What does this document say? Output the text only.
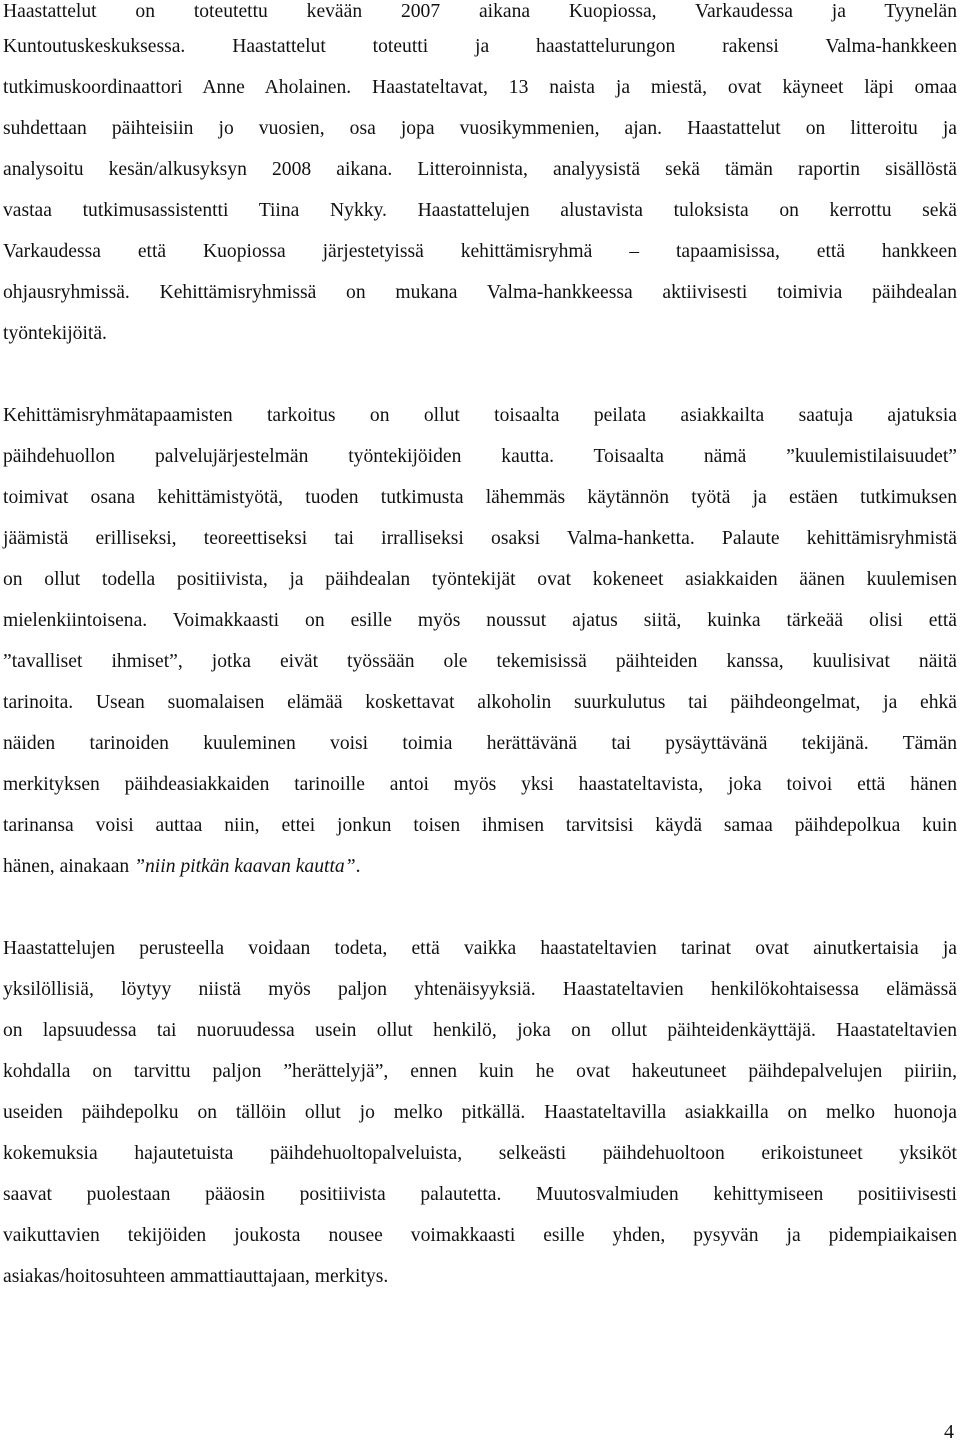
Haastattelut on toteutettu kevään 2007 aikana Kuopiossa, Varkaudessa ja Tyynelän
Kuntoutuskeskuksessa. Haastattelut toteutti ja haastattelurungon rakensi Valma-hankkeen
tutkimuskoordinaattori Anne Aholainen. Haastateltavat, 13 naista ja miestä, ovat käyneet läpi omaa
suhdettaan päihteisiin jo vuosien, osa jopa vuosikymmenien, ajan. Haastattelut on litteroitu ja
analysoitu kesän/alkusyksyn 2008 aikana. Litteroinnista, analyysistä sekä tämän raportin sisällöstä
vastaa tutkimusassistentti Tiina Nykky. Haastattelujen alustavista tuloksista on kerrottu sekä
Varkaudessa että Kuopiossa järjestetyissä kehittämisryhmä – tapaamisissa, että hankkeen
ohjausryhmissä. Kehittämisryhmissä on mukana Valma-hankkeessa aktiivisesti toimivia päihdealan
työntekijöitä.
Kehittämisryhmätapaamisten tarkoitus on ollut toisaalta peilata asiakkailta saatuja ajatuksia
päihdehuollon palvelujärjestelmän työntekijöiden kautta. Toisaalta nämä ”kuulemistilaisuudet”
toimivat osana kehittämistyötä, tuoden tutkimusta lähemmäs käytännön työtä ja estäen tutkimuksen
jäämistä erilliseksi, teoreettiseksi tai irralliseksi osaksi Valma-hanketta. Palaute kehittämisryhmistä
on ollut todella positiivista, ja päihdealan työntekijät ovat kokeneet asiakkaiden äänen kuulemisen
mielenkiintoisena. Voimakkaasti on esille myös noussut ajatus siitä, kuinka tärkeää olisi että
”tavalliset ihmiset”, jotka eivät työssään ole tekemisissä päihteiden kanssa, kuulisivat näitä
tarinoita. Usean suomalaisen elämää koskettavat alkoholin suurkulutus tai päihdeongelmat, ja ehkä
näiden tarinoiden kuuleminen voisi toimia herättävänä tai pysäyttävänä tekijänä. Tämän
merkityksen päihdeasiakkaiden tarinoille antoi myös yksi haastateltavista, joka toivoi että hänen
tarinansa voisi auttaa niin, ettei jonkun toisen ihmisen tarvitsisi käydä samaa päihdepolkua kuin
hänen, ainakaan ”niin pitkän kaavan kautta”.
Haastattelujen perusteella voidaan todeta, että vaikka haastateltavien tarinat ovat ainutkertaisia ja
yksilöllisiä, löytyy niistä myös paljon yhtenäisyyksiä. Haastateltavien henkilökohtaisessa elämässä
on lapsuudessa tai nuoruudessa usein ollut henkilö, joka on ollut päihteidenkäyttäjä. Haastateltavien
kohdalla on tarvittu paljon ”herättelyjä”, ennen kuin he ovat hakeutuneet päihdepalvelujen piiriin,
useiden päihdepolku on tällöin ollut jo melko pitkällä. Haastateltavilla asiakkailla on melko huonoja
kokemuksia hajautetuista päihdehuoltopalveluista, selkeästi päihdehuoltoon erikoistuneet yksiköt
saavat puolestaan pääosin positiivista palautetta. Muutosvalmiuden kehittymiseen positiivisesti
vaikuttavien tekijöiden joukosta nousee voimakkaasti esille yhden, pysyvän ja pidempiaikaisen
asiakas/hoitosuhteen ammattiauttajaan, merkitys.
4
